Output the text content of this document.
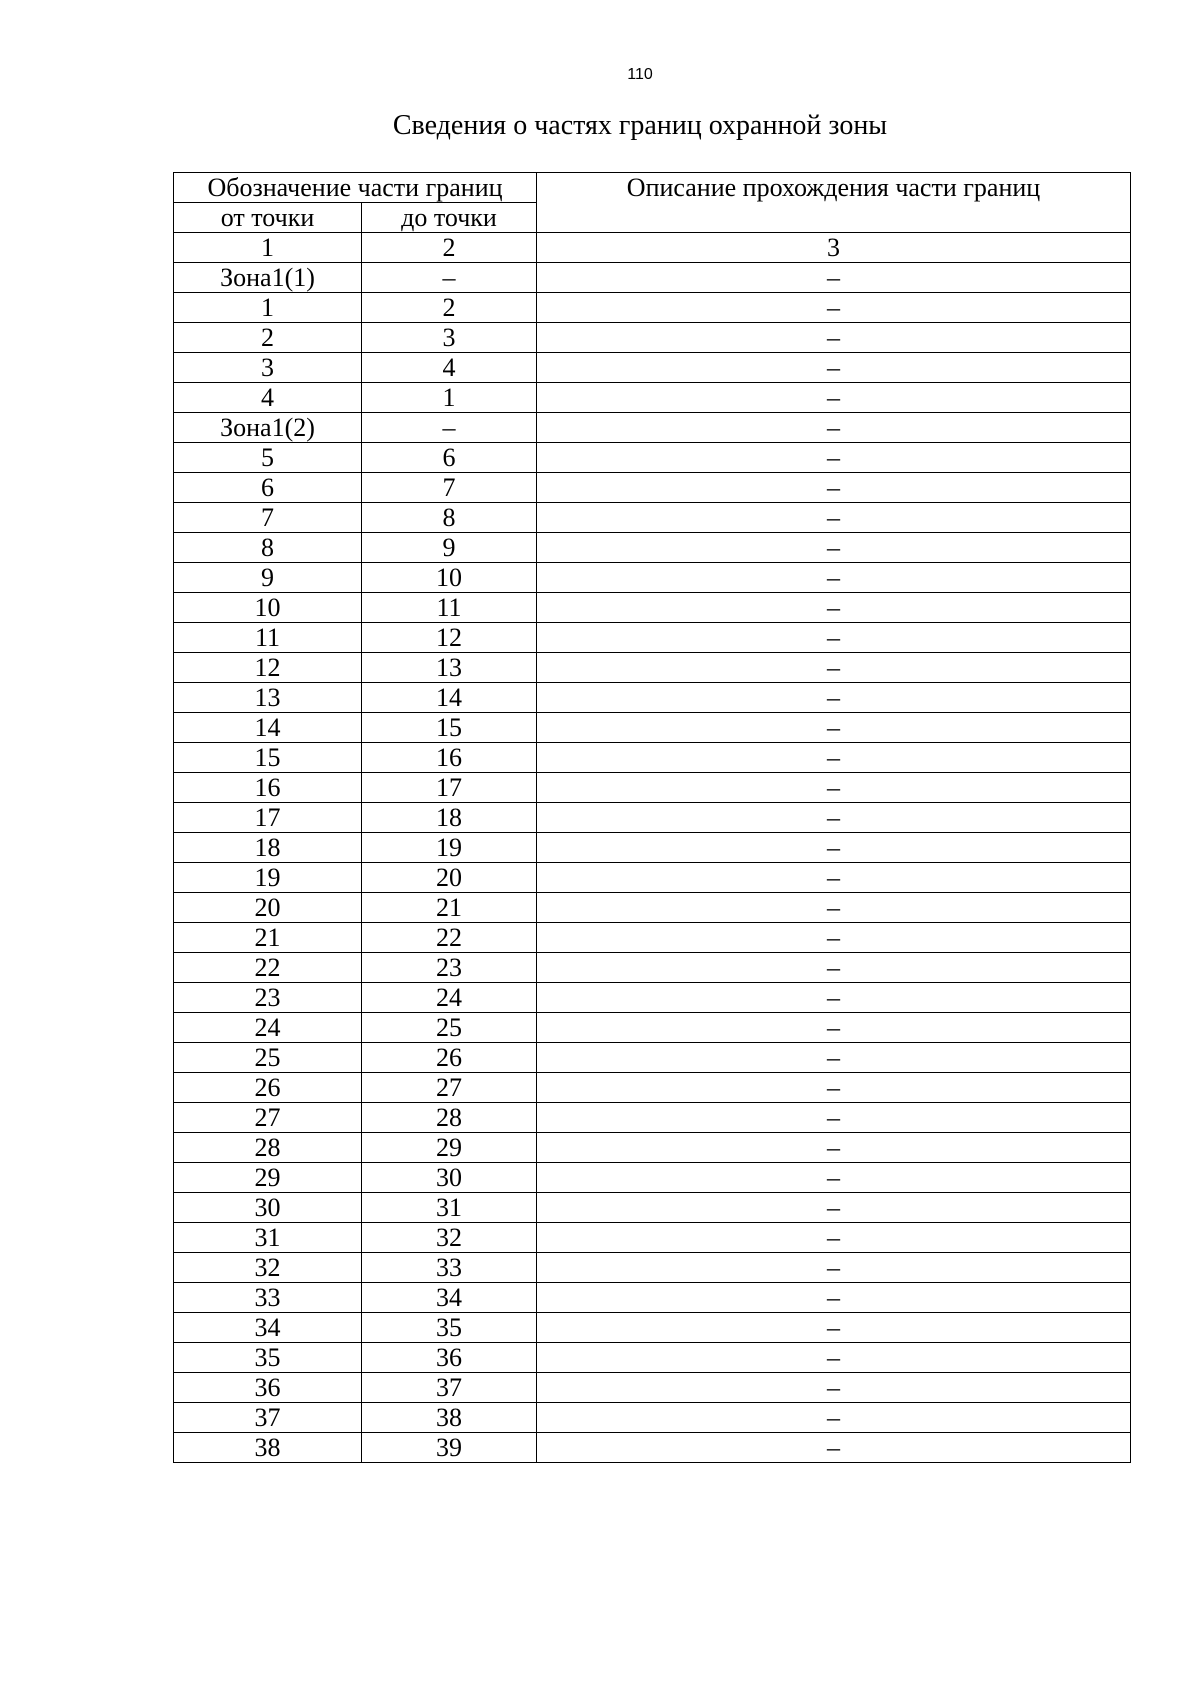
110
Сведения о частях границ охранной зоны
Обозначение части границ		Описание прохождения части границ
от точки	до точки	
1	2	3
Зона1(1)	–	–
1	2	–
2	3	–
3	4	–
4	1	–
Зона1(2)	–	–
5	6	–
6	7	–
7	8	–
8	9	–
9	10	–
10	11	–
11	12	–
12	13	–
13	14	–
14	15	–
15	16	–
16	17	–
17	18	–
18	19	–
19	20	–
20	21	–
21	22	–
22	23	–
23	24	–
24	25	–
25	26	–
26	27	–
27	28	–
28	29	–
29	30	–
30	31	–
31	32	–
32	33	–
33	34	–
34	35	–
35	36	–
36	37	–
37	38	–
38	39	–
